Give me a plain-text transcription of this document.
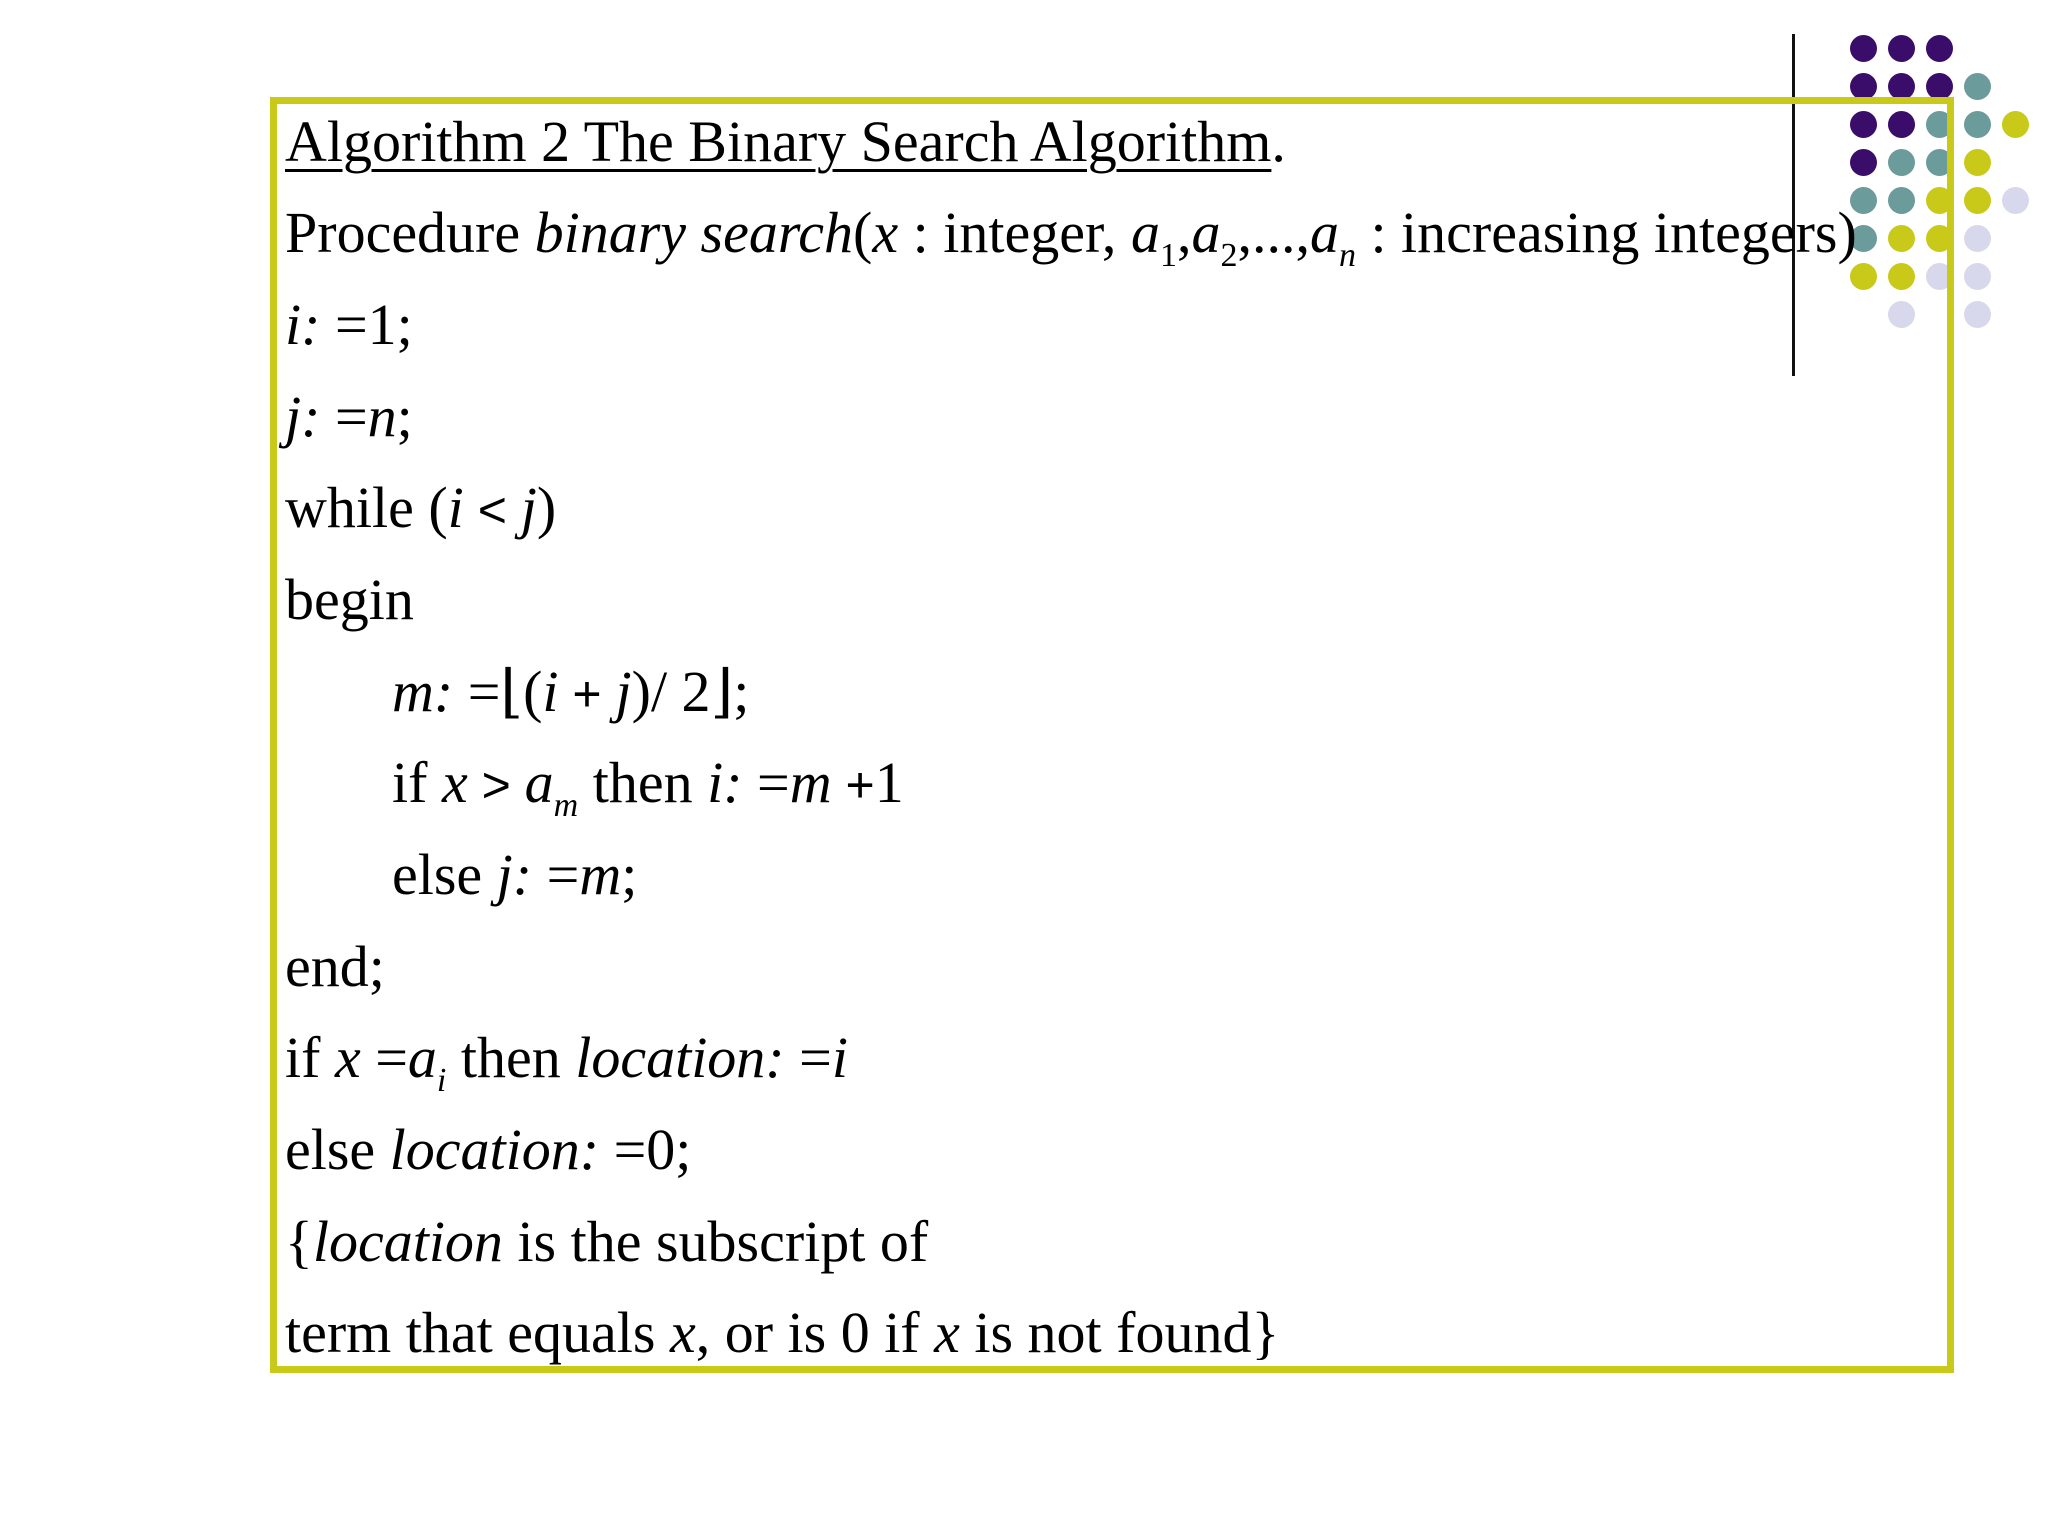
Algorithm 2 The Binary Search Algorithm.
Procedure binary search(x : integer, $a_1,a_2,...,a_n$ : increasing integers)
i: =1;
j: =n;
while (i < j)
begin
m: =⌊(i + j)/ 2⌋;
if $x > a_m$ then i: =m +1
else j: =m;
end;
if $x =a_i$ then location: =i
else location: =0;
{location is the subscript of
term that equals x, or is 0 if x is not found}
